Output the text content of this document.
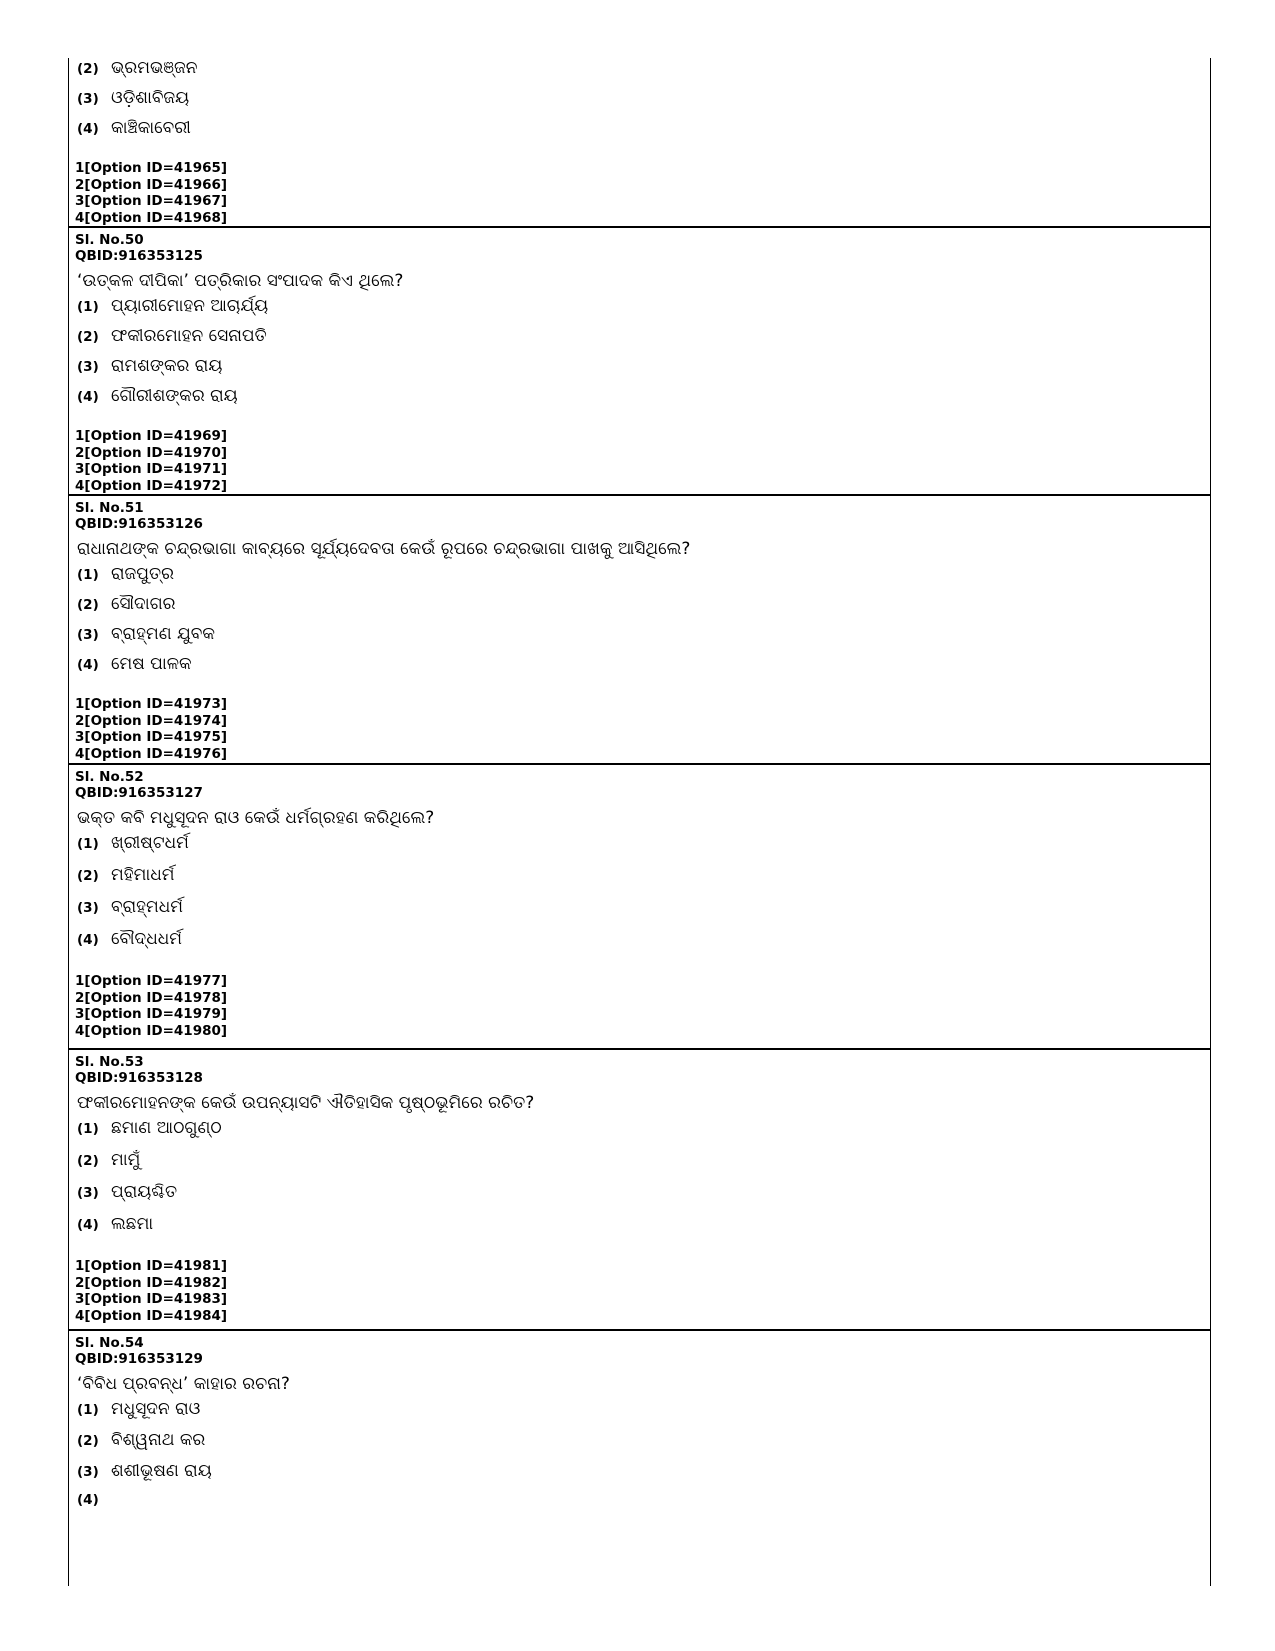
(2) ଭ୍ରମଭଞ୍ଜନ
(3) ଓଡ଼ିଶାବିଜୟ
(4) କାଞ୍ଚିକାବେରୀ
1[Option ID=41965]
2[Option ID=41966]
3[Option ID=41967]
4[Option ID=41968]
Sl. No.50
QBID:916353125
‘ଉତ୍କଳ ଦୀପିକା’ ପତ୍ରିକାର ସଂପାଦକ କିଏ ଥିଲେ?
(1) ପ୍ୟାରୀମୋହନ ଆଚାର୍ଯ୍ୟ
(2) ଫକୀରମୋହନ ସେନାପତି
(3) ରାମଶଙ୍କର ରାୟ
(4) ଗୌରୀଶଙ୍କର ରାୟ
1[Option ID=41969]
2[Option ID=41970]
3[Option ID=41971]
4[Option ID=41972]
Sl. No.51
QBID:916353126
ରାଧାନାଥଙ୍କ ଚନ୍ଦ୍ରଭାଗା କାବ୍ୟରେ ସୂର୍ଯ୍ୟଦେବତା କେଉଁ ରୂପରେ ଚନ୍ଦ୍ରଭାଗା ପାଖକୁ ଆସିଥିଲେ?
(1) ରାଜପୁତ୍ର
(2) ସୌଦାଗର
(3) ବ୍ରାହ୍ମଣ ଯୁବକ
(4) ମେଷ ପାଳକ
1[Option ID=41973]
2[Option ID=41974]
3[Option ID=41975]
4[Option ID=41976]
Sl. No.52
QBID:916353127
ଭକ୍ତ କବି ମଧୁସୂଦନ ରାଓ କେଉଁ ଧର୍ମଗ୍ରହଣ କରିଥିଲେ?
(1) ଖ୍ରୀଷ୍ଟଧର୍ମ
(2) ମହିମାଧର୍ମ
(3) ବ୍ରାହ୍ମଧର୍ମ
(4) ବୌଦ୍ଧଧର୍ମ
1[Option ID=41977]
2[Option ID=41978]
3[Option ID=41979]
4[Option ID=41980]
Sl. No.53
QBID:916353128
ଫକୀରମୋହନଙ୍କ କେଉଁ ଉପନ୍ୟାସଟି ଐତିହାସିକ ପୃଷ୍ଠଭୂମିରେ ରଚିତ?
(1) ଛମାଣ ଆଠଗୁଣ୍ଠ
(2) ମାମୁଁ
(3) ପ୍ରାୟଶ୍ଚିତ
(4) ଲଛମା
1[Option ID=41981]
2[Option ID=41982]
3[Option ID=41983]
4[Option ID=41984]
Sl. No.54
QBID:916353129
‘ବିବିଧ ପ୍ରବନ୍ଧ’ କାହାର ରଚନା?
(1) ମଧୁସୂଦନ ରାଓ
(2) ବିଶ୍ୱନାଥ କର
(3) ଶଶୀଭୂଷଣ ରାୟ
(4)
